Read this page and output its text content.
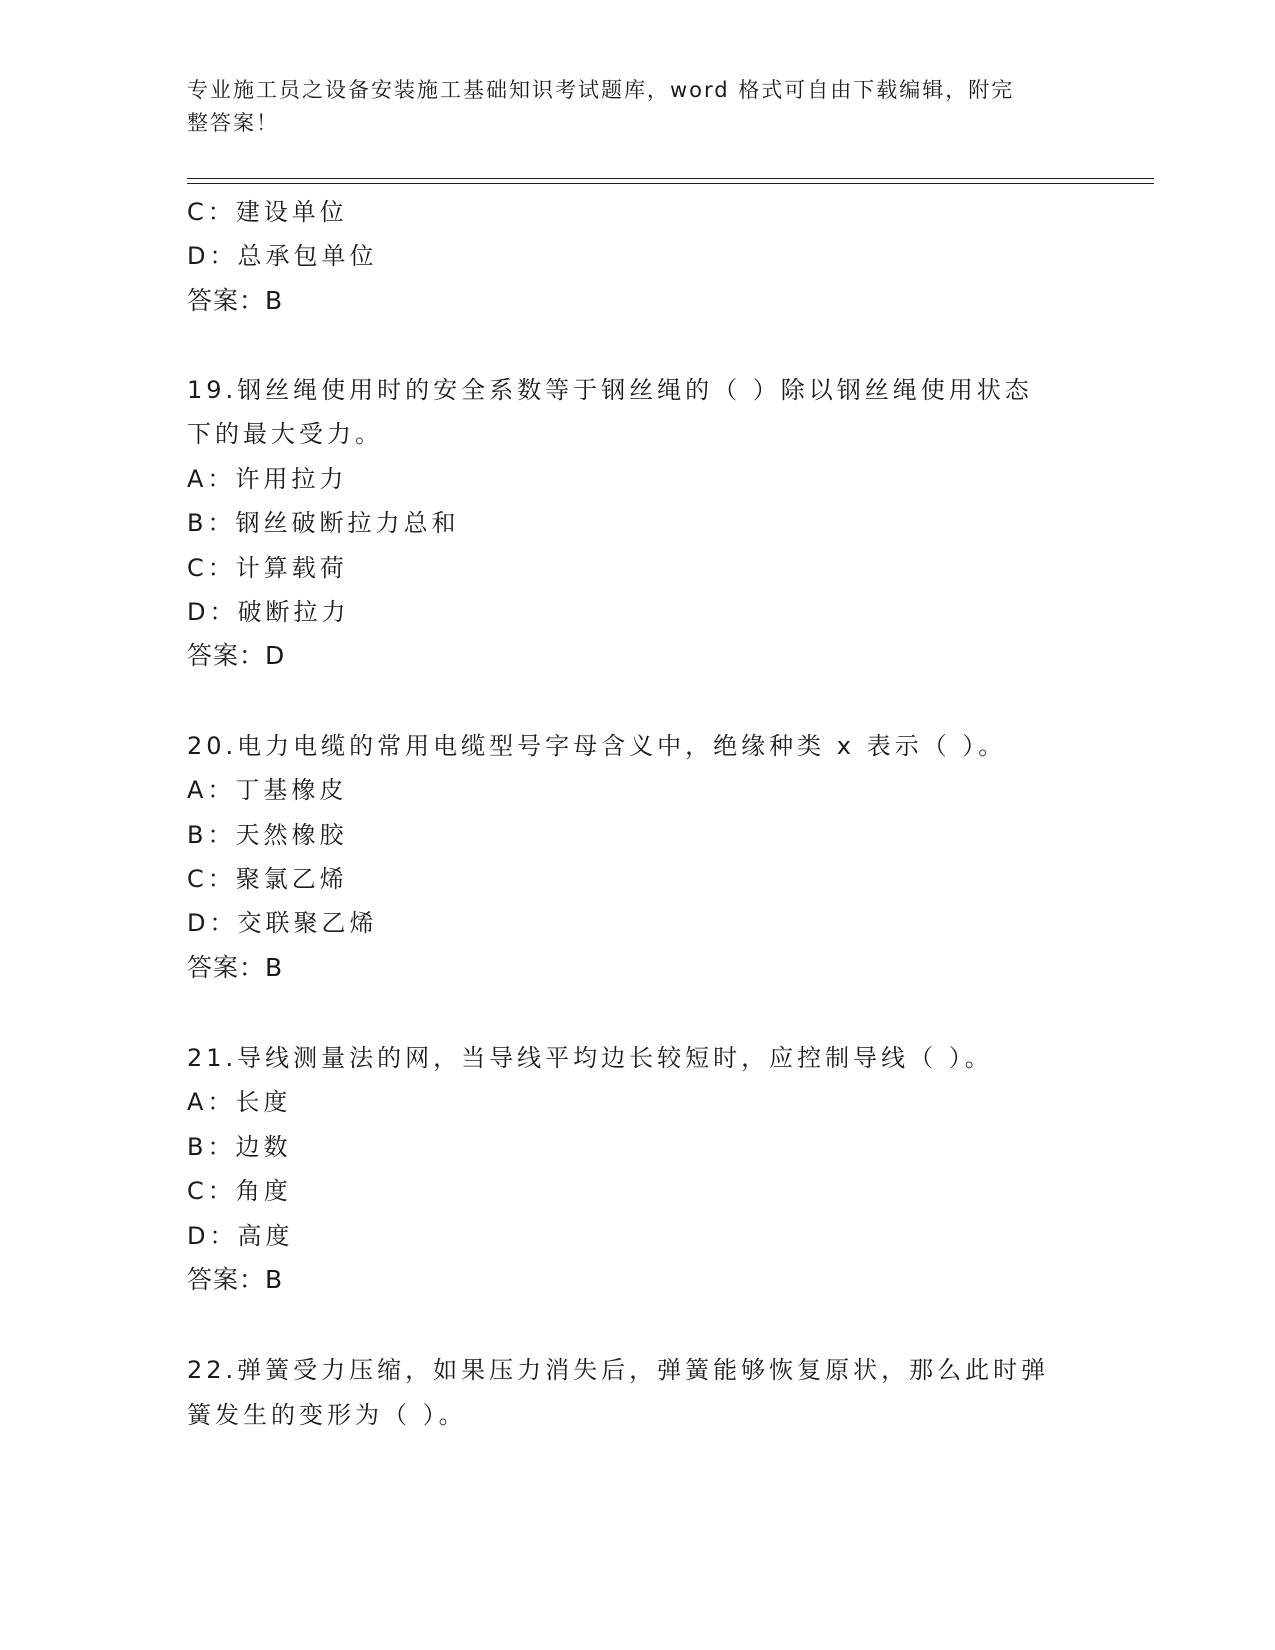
专业施工员之设备安装施工基础知识考试题库，word 格式可自由下载编辑，附完
整答案！
C：建设单位
D：总承包单位
答案：B
19.钢丝绳使用时的安全系数等于钢丝绳的（ ）除以钢丝绳使用状态
下的最大受力。
A：许用拉力
B：钢丝破断拉力总和
C：计算载荷
D：破断拉力
答案：D
20.电力电缆的常用电缆型号字母含义中，绝缘种类 x 表示（ ）。
A：丁基橡皮
B：天然橡胶
C：聚氯乙烯
D：交联聚乙烯
答案：B
21.导线测量法的网，当导线平均边长较短时，应控制导线（ ）。
A：长度
B：边数
C：角度
D：高度
答案：B
22.弹簧受力压缩，如果压力消失后，弹簧能够恢复原状，那么此时弹
簧发生的变形为（ ）。
